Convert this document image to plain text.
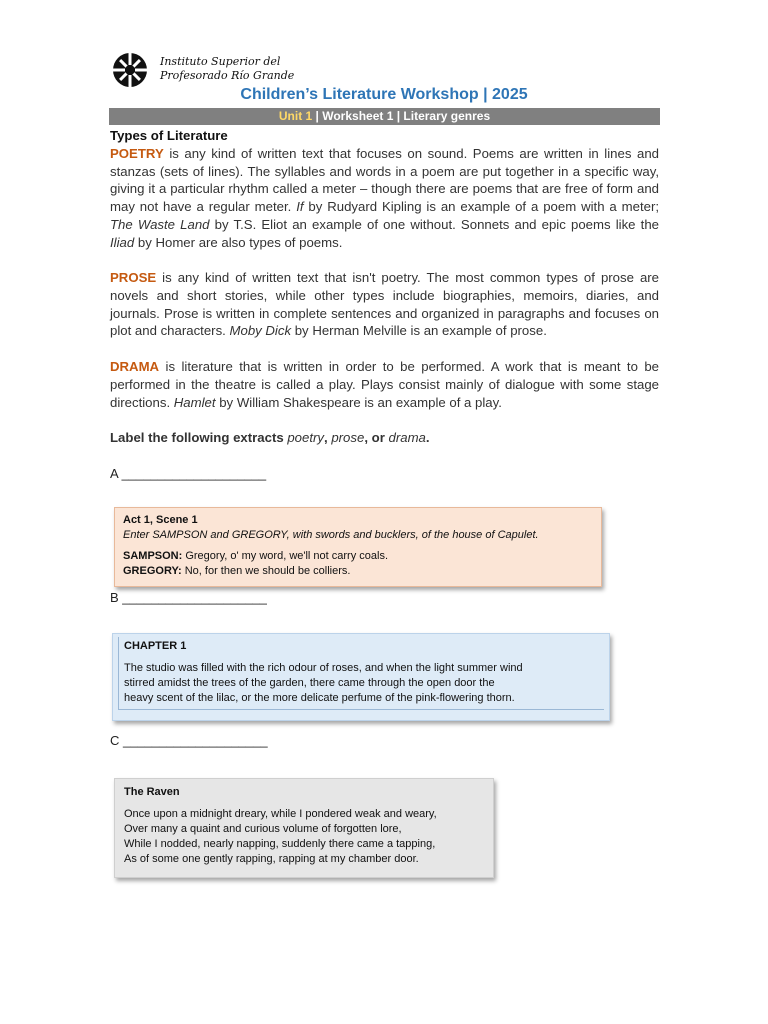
Instituto Superior del
Profesorado Río Grande
Children’s Literature Workshop | 2025
Unit 1 | Worksheet 1 | Literary genres
Types of Literature
POETRY is any kind of written text that focuses on sound. Poems are written in lines and stanzas (sets of lines). The syllables and words in a poem are put together in a specific way, giving it a particular rhythm called a meter – though there are poems that are free of form and may not have a regular meter. If by Rudyard Kipling is an example of a poem with a meter; The Waste Land by T.S. Eliot an example of one without. Sonnets and epic poems like the Iliad by Homer are also types of poems.
PROSE is any kind of written text that isn't poetry. The most common types of prose are novels and short stories, while other types include biographies, memoirs, diaries, and journals. Prose is written in complete sentences and organized in paragraphs and focuses on plot and characters. Moby Dick by Herman Melville is an example of prose.
DRAMA is literature that is written in order to be performed. A work that is meant to be performed in the theatre is called a play. Plays consist mainly of dialogue with some stage directions. Hamlet by William Shakespeare is an example of a play.
Label the following extracts poetry, prose, or drama.
A ____________________
Act 1, Scene 1
Enter SAMPSON and GREGORY, with swords and bucklers, of the house of Capulet.
SAMPSON: Gregory, o' my word, we'll not carry coals.
GREGORY: No, for then we should be colliers.
B ____________________
CHAPTER 1
The studio was filled with the rich odour of roses, and when the light summer wind
stirred amidst the trees of the garden, there came through the open door the
heavy scent of the lilac, or the more delicate perfume of the pink-flowering thorn.
C ____________________
The Raven
Once upon a midnight dreary, while I pondered weak and weary,
Over many a quaint and curious volume of forgotten lore,
While I nodded, nearly napping, suddenly there came a tapping,
As of some one gently rapping, rapping at my chamber door.
